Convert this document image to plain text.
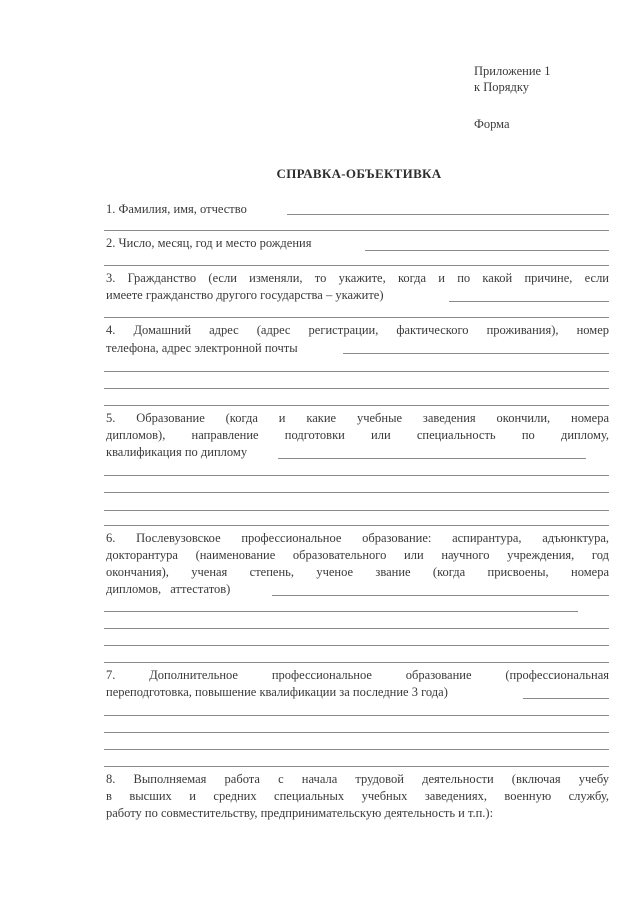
Приложение 1
к Порядку
Форма
СПРАВКА-ОБЪЕКТИВКА
1. Фамилия, имя, отчество
2. Число, месяц, год и место рождения
3. Гражданство (если изменяли, то укажите, когда и по какой причине, если
имеете гражданство другого государства – укажите)
4. Домашний адрес (адрес регистрации, фактического проживания), номер
телефона, адрес электронной почты
5. Образование (когда и какие учебные заведения окончили, номера
дипломов), направление подготовки или специальность по диплому,
квалификация по диплому
6. Послевузовское профессиональное образование: аспирантура, адъюнктура,
докторантура (наименование образовательного или научного учреждения, год
окончания), ученая степень, ученое звание (когда присвоены, номера
дипломов, аттестатов)
7. Дополнительное профессиональное образование (профессиональная
переподготовка, повышение квалификации за последние 3 года)
8. Выполняемая работа с начала трудовой деятельности (включая учебу
в высших и средних специальных учебных заведениях, военную службу,
работу по совместительству, предпринимательскую деятельность и т.п.):
